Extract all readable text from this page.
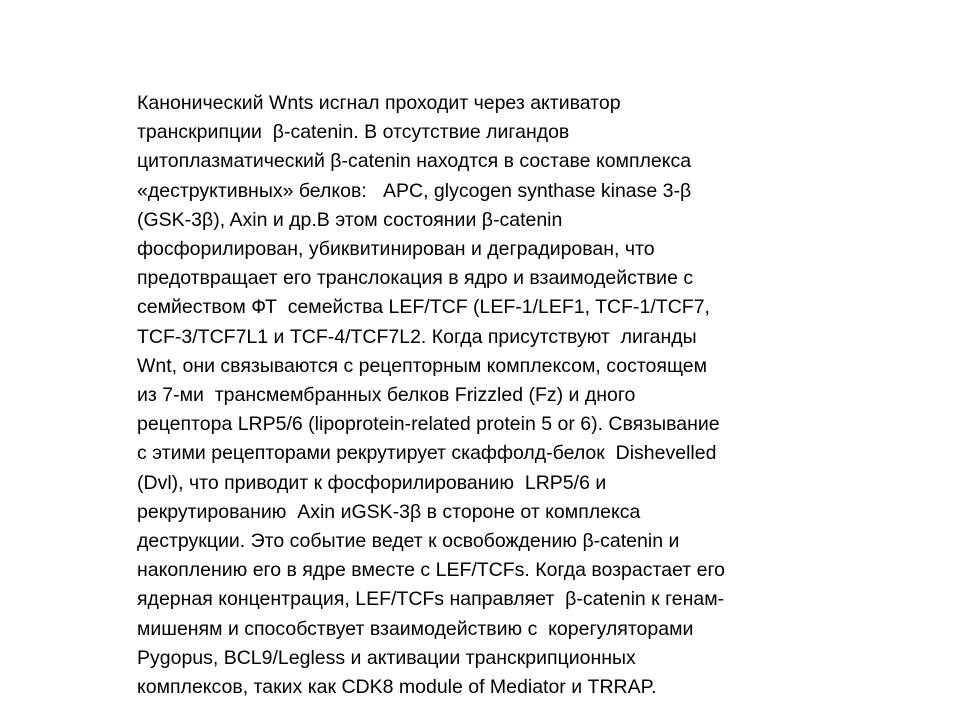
Канонический Wnts исгнал проходит через активатор
транскрипции  β-catenin. В отсутствие лигандов
цитоплазматический β-catenin находтся в составе комплекса
«деструктивных» белков:   APC, glycogen synthase kinase 3-β
(GSK-3β), Axin и др.В этом состоянии β-catenin
фосфорилирован, убиквитинирован и деградирован, что
предотвращает его транслокация в ядро и взаимодействие с
семйеством ФТ  семейства LEF/TCF (LEF-1/LEF1, TCF-1/TCF7,
TCF-3/TCF7L1 и TCF-4/TCF7L2. Когда присутствуют  лиганды
Wnt, они связываются с рецепторным комплексом, состоящем
из 7-ми  трансмембранных белков Frizzled (Fz) и дного
рецептора LRP5/6 (lipoprotein-related protein 5 or 6). Связывание
с этими рецепторами рекрутирует скаффолд-белок  Dishevelled
(Dvl), что приводит к фосфорилированию  LRP5/6 и
рекрутированию  Axin иGSK-3β в стороне от комплекса
деструкции. Это событие ведет к освобождению β-catenin и
накоплению его в ядре вместе с LEF/TCFs. Когда возрастает его
ядерная концентрация, LEF/TCFs направляет  β-catenin к генам-
мишеням и способствует взаимодействию с  корегуляторами
Pygopus, BCL9/Legless и активации транскрипционных
комплексов, таких как CDK8 module of Mediator и TRRAP.
